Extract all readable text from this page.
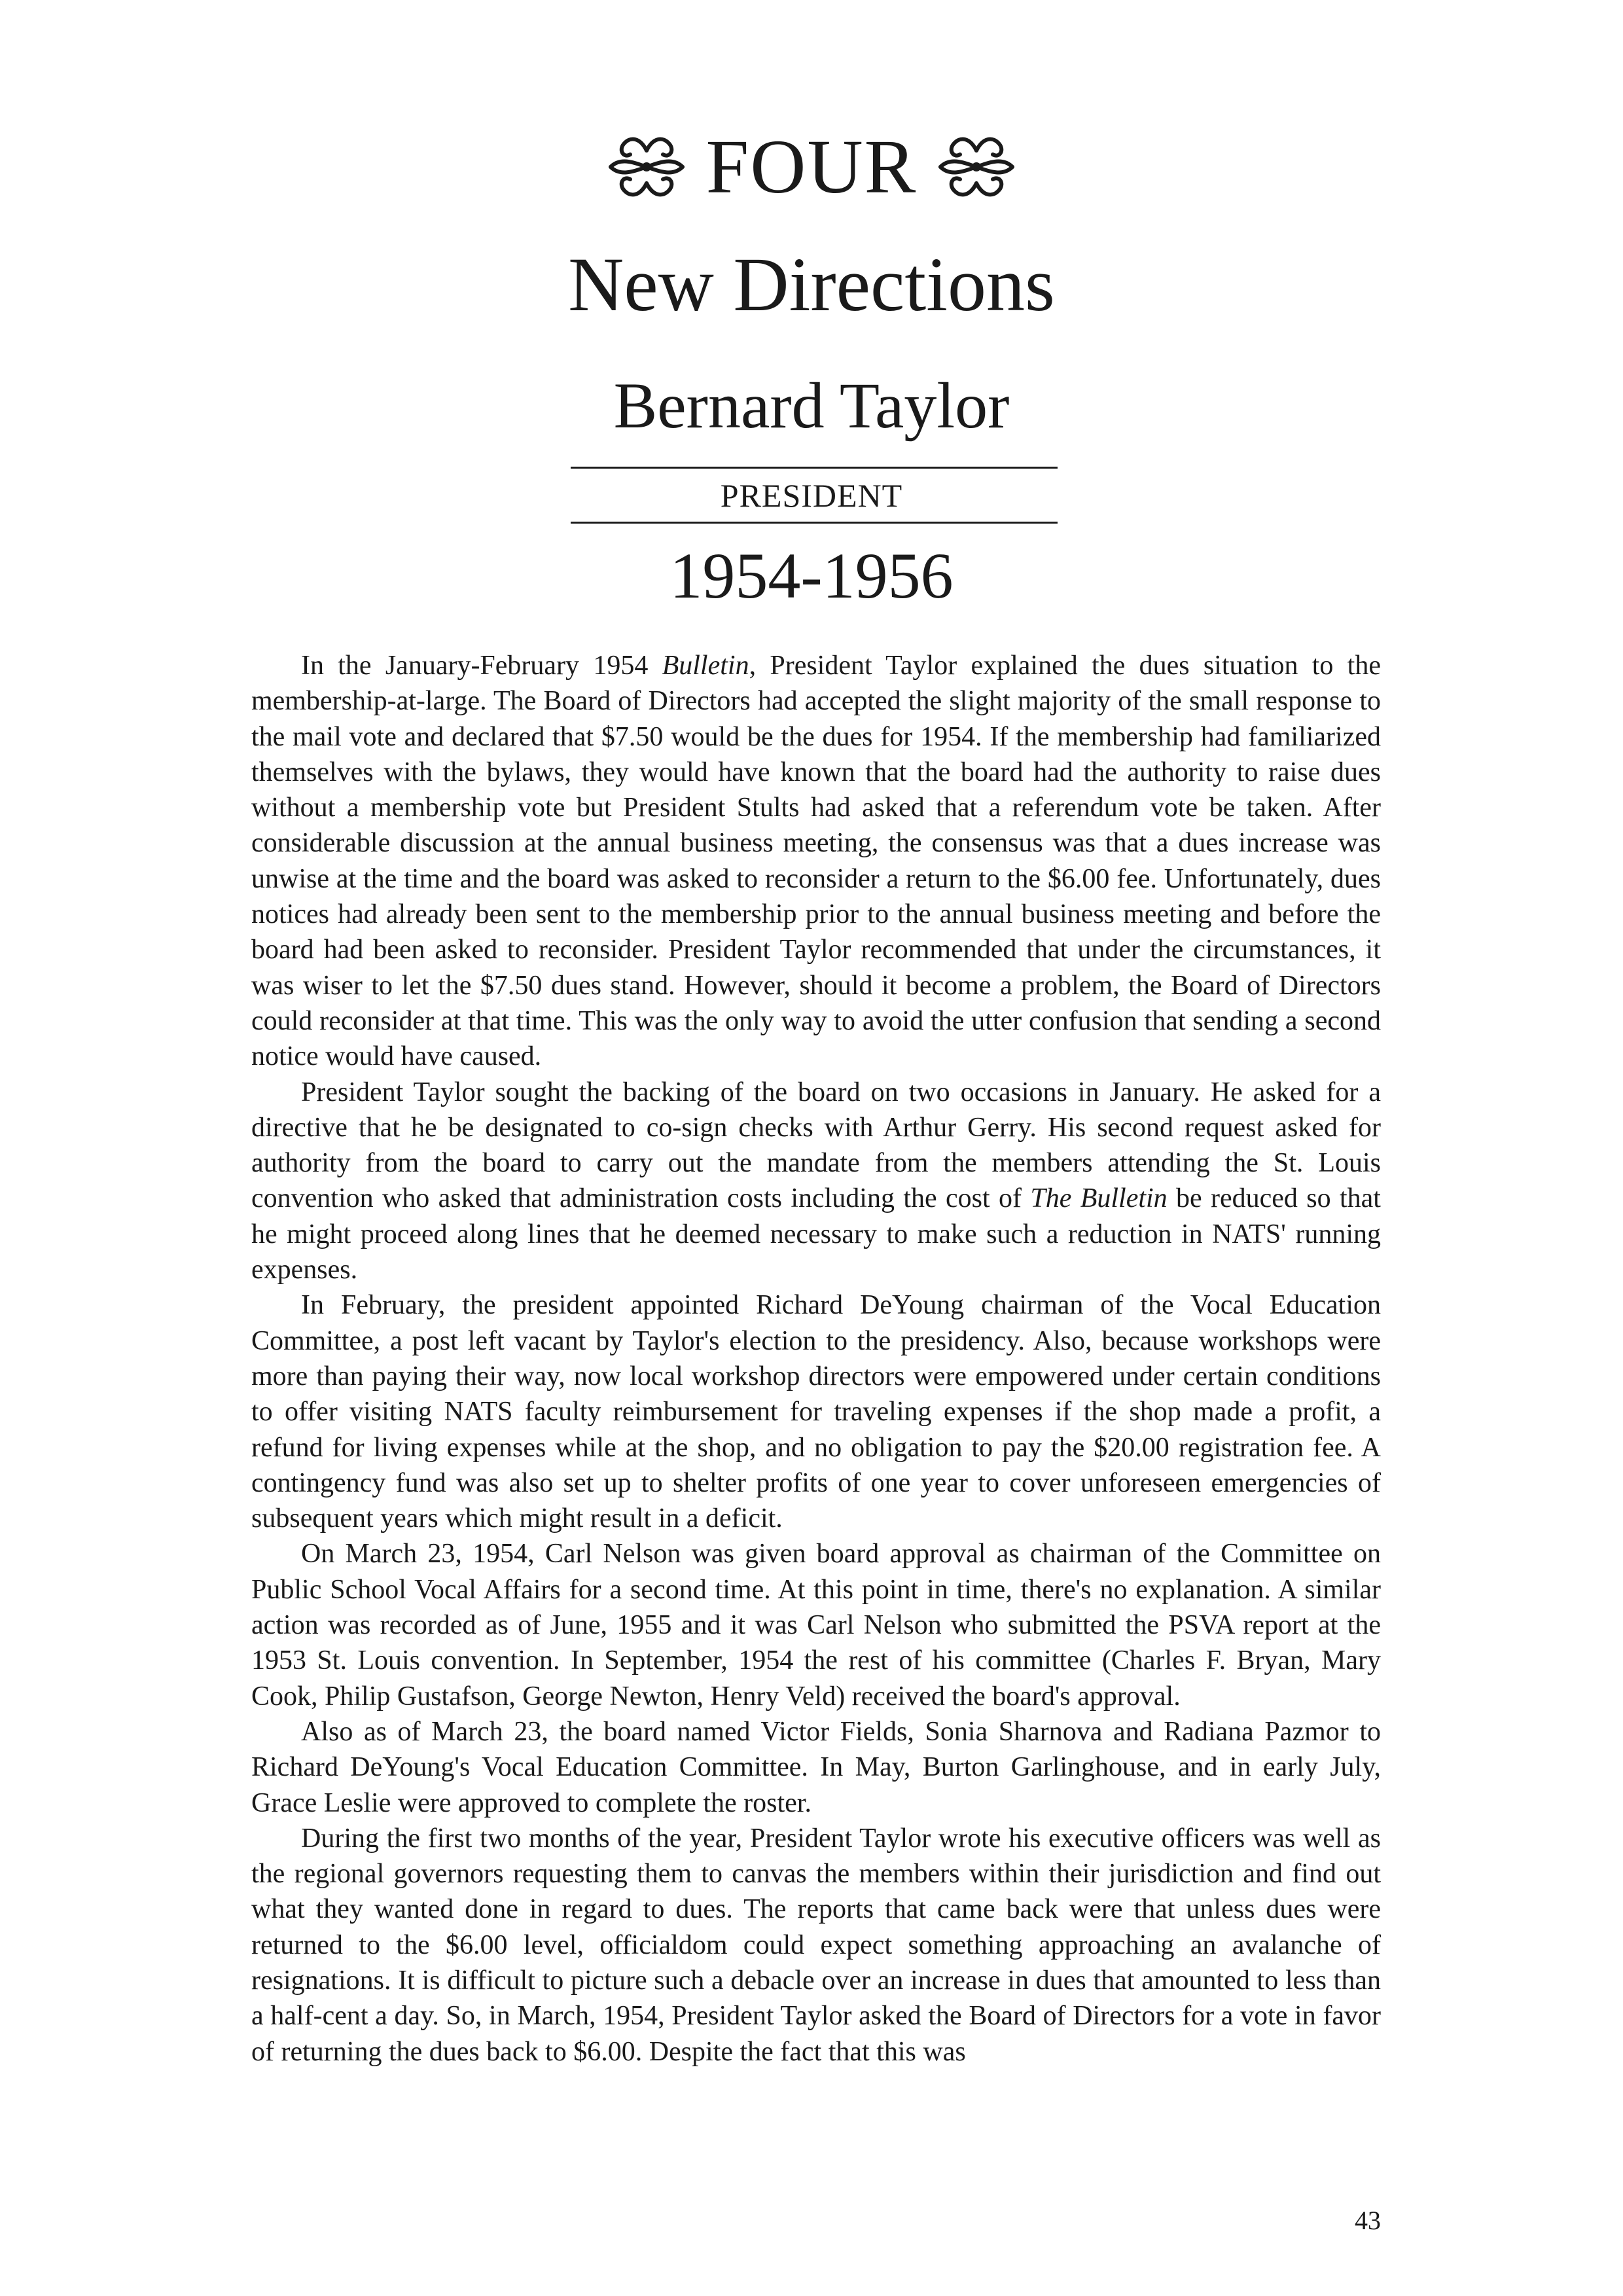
FOUR
New Directions
Bernard Taylor
PRESIDENT
1954-1956

In the January-February 1954 Bulletin, President Taylor explained the dues situation to the membership-at-large. The Board of Directors had accepted the slight majority of the small response to the mail vote and declared that $7.50 would be the dues for 1954. If the membership had familiarized themselves with the bylaws, they would have known that the board had the authority to raise dues without a membership vote but President Stults had asked that a referendum vote be taken. After considerable discussion at the annual business meeting, the consensus was that a dues increase was unwise at the time and the board was asked to reconsider a return to the $6.00 fee. Unfortunately, dues notices had already been sent to the membership prior to the annual business meeting and before the board had been asked to reconsider. President Taylor recommended that under the circumstances, it was wiser to let the $7.50 dues stand. However, should it become a problem, the Board of Directors could reconsider at that time. This was the only way to avoid the utter confusion that sending a second notice would have caused.

President Taylor sought the backing of the board on two occasions in January. He asked for a directive that he be designated to co-sign checks with Arthur Gerry. His second request asked for authority from the board to carry out the mandate from the members attending the St. Louis convention who asked that administration costs including the cost of The Bulletin be reduced so that he might proceed along lines that he deemed necessary to make such a reduction in NATS' running expenses.

In February, the president appointed Richard DeYoung chairman of the Vocal Education Committee, a post left vacant by Taylor's election to the presidency. Also, because workshops were more than paying their way, now local workshop directors were empowered under certain conditions to offer visiting NATS faculty reimbursement for traveling expenses if the shop made a profit, a refund for living expenses while at the shop, and no obligation to pay the $20.00 registration fee. A contingency fund was also set up to shelter profits of one year to cover unforeseen emergencies of subsequent years which might result in a deficit.

On March 23, 1954, Carl Nelson was given board approval as chairman of the Committee on Public School Vocal Affairs for a second time. At this point in time, there's no explanation. A similar action was recorded as of June, 1955 and it was Carl Nelson who submitted the PSVA report at the 1953 St. Louis convention. In September, 1954 the rest of his committee (Charles F. Bryan, Mary Cook, Philip Gustafson, George Newton, Henry Veld) received the board's approval.

Also as of March 23, the board named Victor Fields, Sonia Sharnova and Radiana Pazmor to Richard DeYoung's Vocal Education Committee. In May, Burton Garlinghouse, and in early July, Grace Leslie were approved to complete the roster.

During the first two months of the year, President Taylor wrote his executive officers was well as the regional governors requesting them to canvas the members within their jurisdiction and find out what they wanted done in regard to dues. The reports that came back were that unless dues were returned to the $6.00 level, officialdom could expect something approaching an avalanche of resignations. It is difficult to picture such a debacle over an increase in dues that amounted to less than a half-cent a day. So, in March, 1954, President Taylor asked the Board of Directors for a vote in favor of returning the dues back to $6.00. Despite the fact that this was

43
